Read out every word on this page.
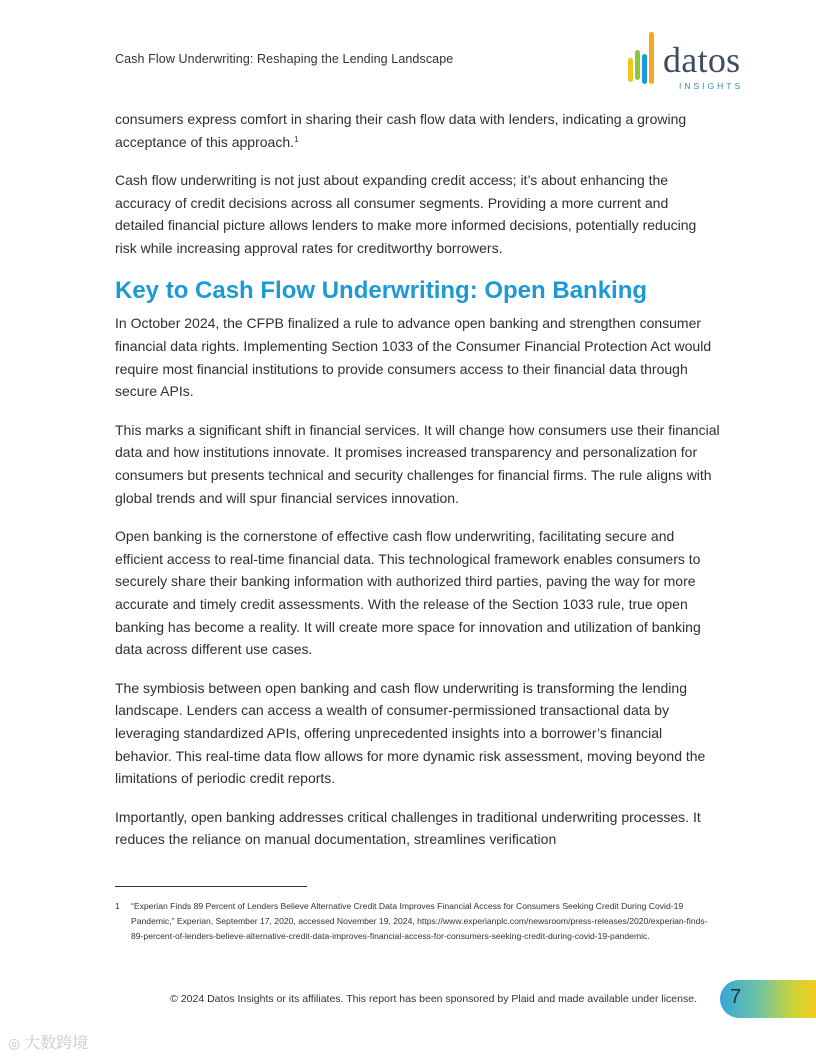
Cash Flow Underwriting: Reshaping the Lending Landscape	datos
INSIGHTS

consumers express comfort in sharing their cash flow data with lenders, indicating a growing acceptance of this approach.$^1$

Cash flow underwriting is not just about expanding credit access; it’s about enhancing the accuracy of credit decisions across all consumer segments. Providing a more current and detailed financial picture allows lenders to make more informed decisions, potentially reducing risk while increasing approval rates for creditworthy borrowers.

Key to Cash Flow Underwriting: Open Banking

In October 2024, the CFPB finalized a rule to advance open banking and strengthen consumer financial data rights. Implementing Section 1033 of the Consumer Financial Protection Act would require most financial institutions to provide consumers access to their financial data through secure APIs.

This marks a significant shift in financial services. It will change how consumers use their financial data and how institutions innovate. It promises increased transparency and personalization for consumers but presents technical and security challenges for financial firms. The rule aligns with global trends and will spur financial services innovation.

Open banking is the cornerstone of effective cash flow underwriting, facilitating secure and efficient access to real-time financial data. This technological framework enables consumers to securely share their banking information with authorized third parties, paving the way for more accurate and timely credit assessments. With the release of the Section 1033 rule, true open banking has become a reality. It will create more space for innovation and utilization of banking data across different use cases.

The symbiosis between open banking and cash flow underwriting is transforming the lending landscape. Lenders can access a wealth of consumer-permissioned transactional data by leveraging standardized APIs, offering unprecedented insights into a borrower’s financial behavior. This real-time data flow allows for more dynamic risk assessment, moving beyond the limitations of periodic credit reports.

Importantly, open banking addresses critical challenges in traditional underwriting processes. It reduces the reliance on manual documentation, streamlines verification

1 “Experian Finds 89 Percent of Lenders Believe Alternative Credit Data Improves Financial Access for Consumers Seeking Credit During Covid-19 Pandemic,” Experian, September 17, 2020, accessed November 19, 2024, https://www.experianplc.com/newsroom/press-releases/2020/experian-finds-89-percent-of-lenders-believe-alternative-credit-data-improves-financial-access-for-consumers-seeking-credit-during-covid-19-pandemic.
© 2024 Datos Insights or its affiliates. This report has been sponsored by Plaid and made available under license. 7
◎ 大数跨境
